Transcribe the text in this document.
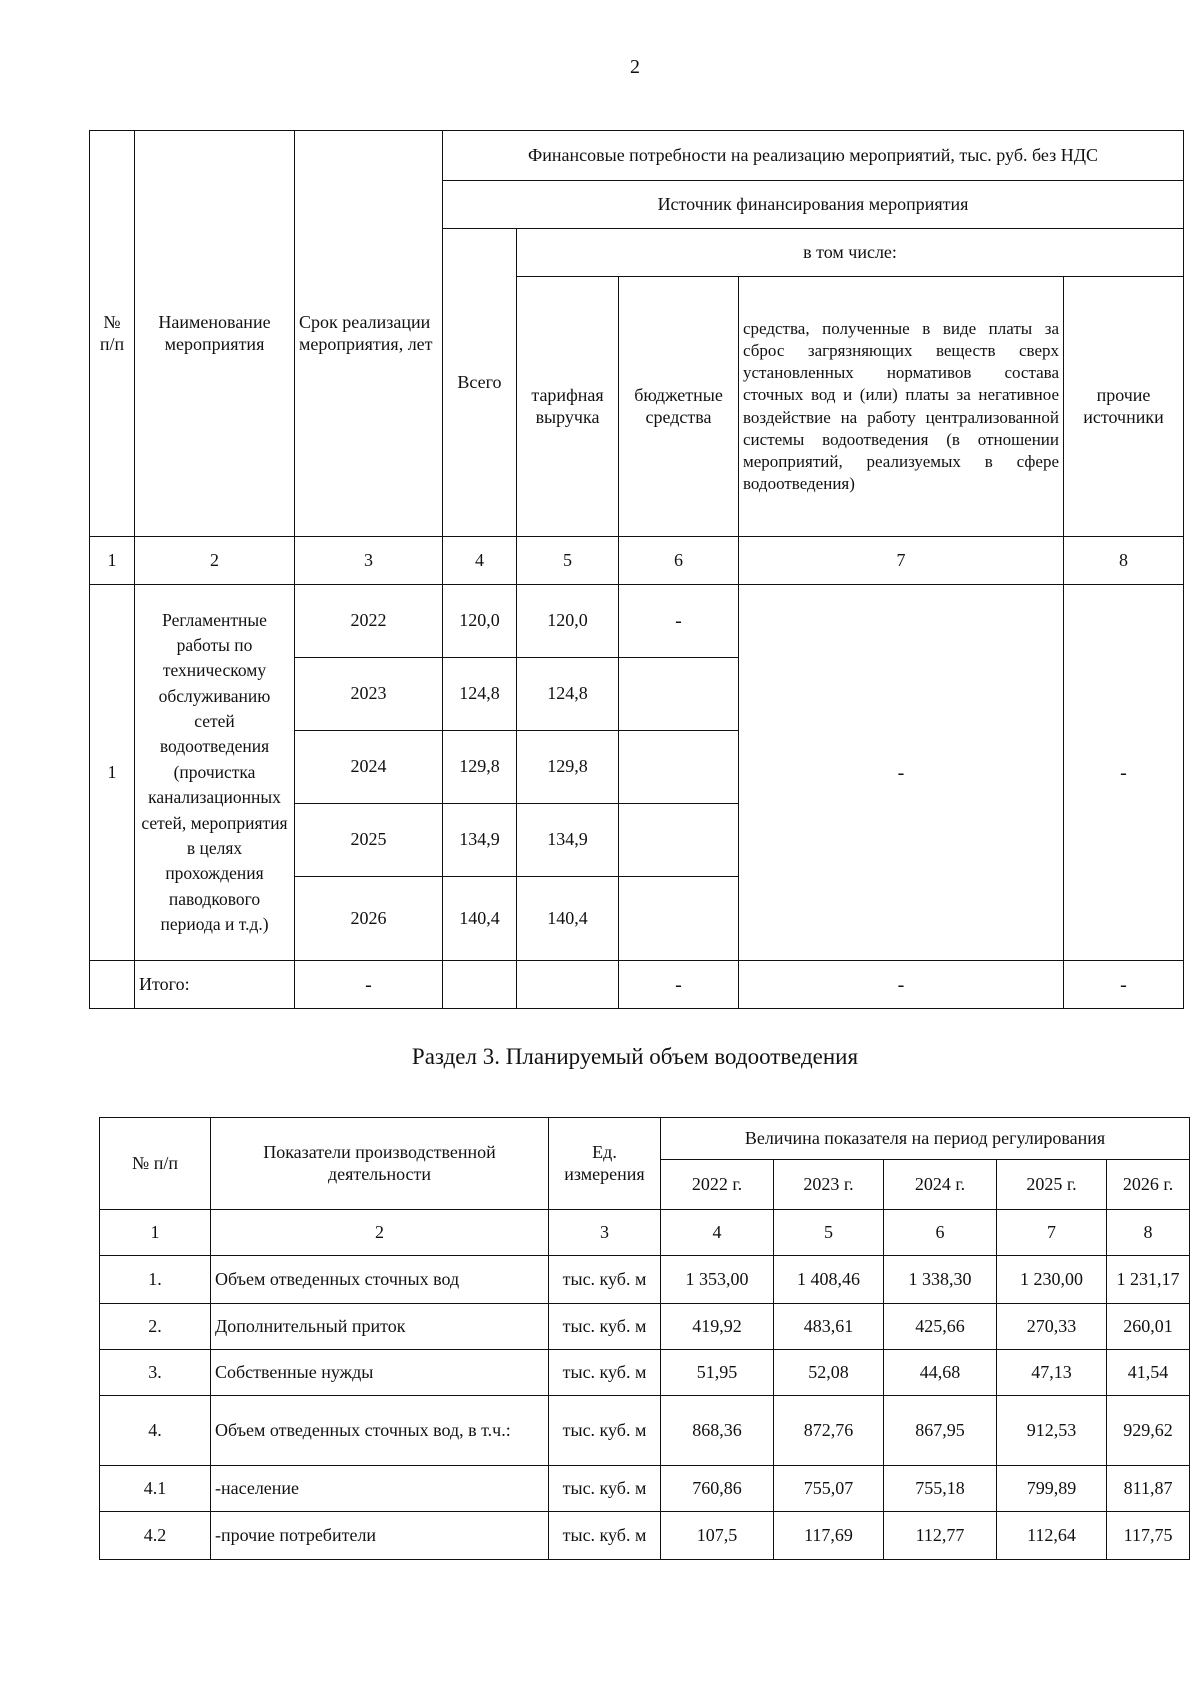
2
№ п/п	Наименование мероприятия	Срок реализации мероприятия, лет	Финансовые потребности на реализацию мероприятий, тыс. руб. без НДС				
			Источник финансирования мероприятия				
			Всего	в том числе:			
				тарифная выручка	бюджетные средства	средства, полученные в виде платы за сброс загрязняющих веществ сверх установленных нормативов состава сточных вод и (или) платы за негативное воздействие на работу централизованной системы водоотведения (в отношении мероприятий, реализуемых в сфере водоотведения)	прочие источники
1	2	3	4	5	6	7	8
1	Регламентные работы по техническому обслуживанию сетей водоотведения (прочистка канализационных сетей, мероприятия в целях прохождения паводкового периода и т.д.)	2022	120,0	120,0	-	-	-
		2023	124,8	124,8			
		2024	129,8	129,8			
		2025	134,9	134,9			
		2026	140,4	140,4			
	Итого:	-			-	-	-
Раздел 3. Планируемый объем водоотведения
№ п/п	Показатели производственной деятельности	Ед. измерения	Величина показателя на период регулирования				
			2022 г.	2023 г.	2024 г.	2025 г.	2026 г.
1	2	3	4	5	6	7	8
1.	Объем отведенных сточных вод	тыс. куб. м	1 353,00	1 408,46	1 338,30	1 230,00	1 231,17
2.	Дополнительный приток	тыс. куб. м	419,92	483,61	425,66	270,33	260,01
3.	Собственные нужды	тыс. куб. м	51,95	52,08	44,68	47,13	41,54
4.	Объем отведенных сточных вод, в т.ч.:	тыс. куб. м	868,36	872,76	867,95	912,53	929,62
4.1	-население	тыс. куб. м	760,86	755,07	755,18	799,89	811,87
4.2	-прочие потребители	тыс. куб. м	107,5	117,69	112,77	112,64	117,75
